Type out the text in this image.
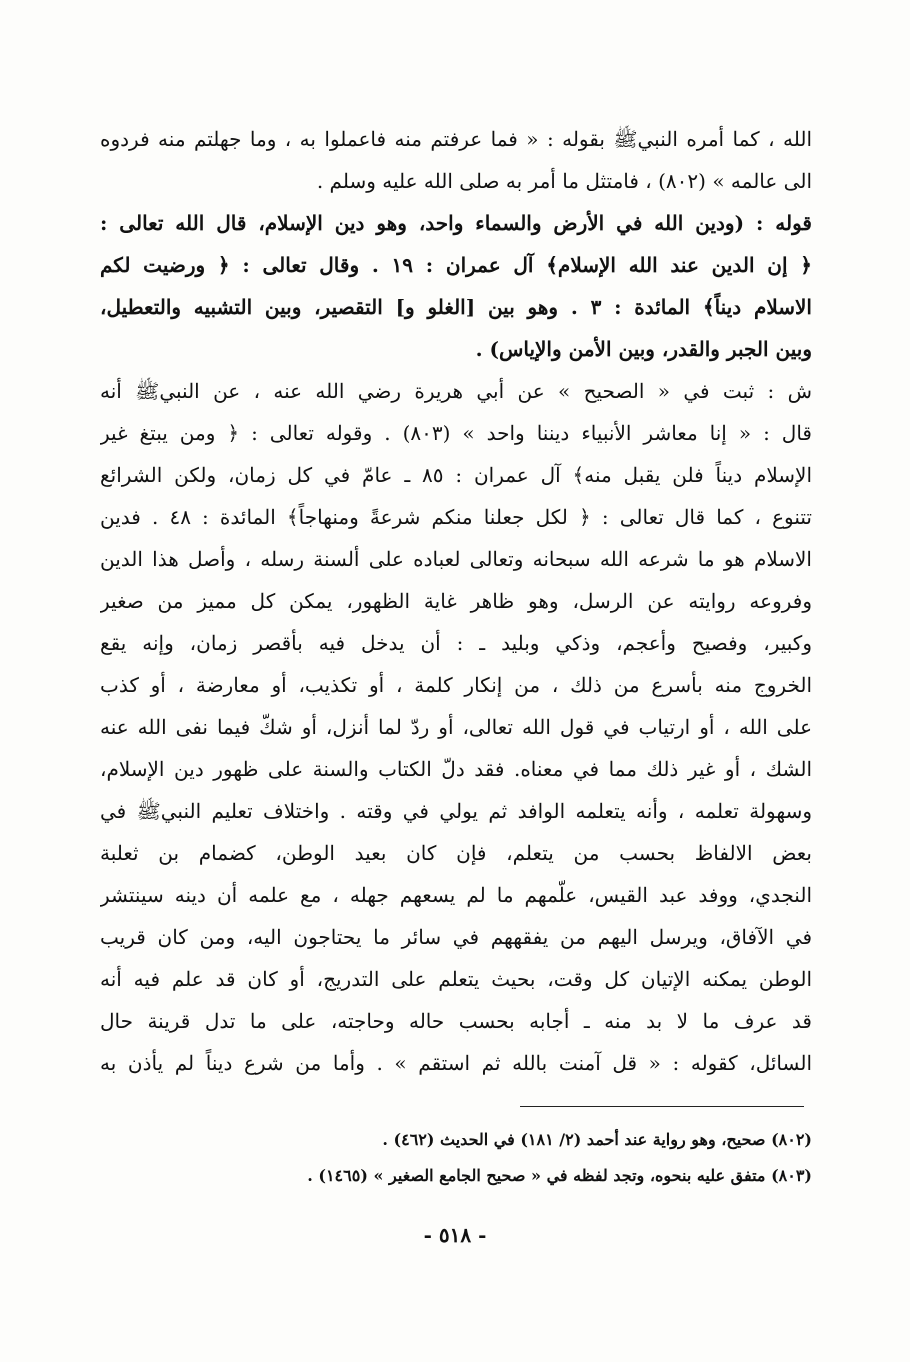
الله ، كما أمره النبيﷺ بقوله : « فما عرفتم منه فاعملوا به ، وما جهلتم منه فردوه
الى عالمه » (٨٠٢) ، فامتثل ما أمر به صلى الله عليه وسلم .
قوله : (ودين الله في الأرض والسماء واحد، وهو دين الإسلام، قال الله تعالى :
﴿ إن الدين عند الله الإسلام﴾ آل عمران : ١٩ . وقال تعالى : ﴿ ورضيت لكم
الاسلام ديناً﴾ المائدة : ٣ . وهو بين [الغلو و] التقصير، وبين التشبيه والتعطيل،
وبين الجبر والقدر، وبين الأمن والإياس) .
ش : ثبت في « الصحيح » عن أبي هريرة رضي الله عنه ، عن النبيﷺ أنه
قال : « إنا معاشر الأنبياء ديننا واحد » (٨٠٣) . وقوله تعالى : ﴿ ومن يبتغ غير
الإسلام ديناً فلن يقبل منه﴾ آل عمران : ٨٥ ـ عامّ في كل زمان، ولكن الشرائع
تتنوع ، كما قال تعالى : ﴿ لكل جعلنا منكم شرعةً ومنهاجاً﴾ المائدة : ٤٨ . فدين
الاسلام هو ما شرعه الله سبحانه وتعالى لعباده على ألسنة رسله ، وأصل هذا الدين
وفروعه روايته عن الرسل، وهو ظاهر غاية الظهور، يمكن كل مميز من صغير
وكبير، وفصيح وأعجم، وذكي وبليد ـ : أن يدخل فيه بأقصر زمان، وإنه يقع
الخروج منه بأسرع من ذلك ، من إنكار كلمة ، أو تكذيب، أو معارضة ، أو كذب
على الله ، أو ارتياب في قول الله تعالى، أو ردّ لما أنزل، أو شكّ فيما نفى الله عنه
الشك ، أو غير ذلك مما في معناه. فقد دلّ الكتاب والسنة على ظهور دين الإسلام،
وسهولة تعلمه ، وأنه يتعلمه الوافد ثم يولي في وقته . واختلاف تعليم النبيﷺ في
بعض الالفاظ بحسب من يتعلم، فإن كان بعيد الوطن، كضمام بن ثعلبة
النجدي، ووفد عبد القيس، علّمهم ما لم يسعهم جهله ، مع علمه أن دينه سينتشر
في الآفاق، ويرسل اليهم من يفقههم في سائر ما يحتاجون اليه، ومن كان قريب
الوطن يمكنه الإتيان كل وقت، بحيث يتعلم على التدريج، أو كان قد علم فيه أنه
قد عرف ما لا بد منه ـ أجابه بحسب حاله وحاجته، على ما تدل قرينة حال
السائل، كقوله : « قل آمنت بالله ثم استقم » . وأما من شرع ديناً لم يأذن به
(٨٠٢) صحيح، وهو رواية عند أحمد (٢/ ١٨١) في الحديث (٤٦٢) .
(٨٠٣) متفق عليه بنحوه، وتجد لفظه في « صحيح الجامع الصغير » (١٤٦٥) .
- ٥١٨ -
